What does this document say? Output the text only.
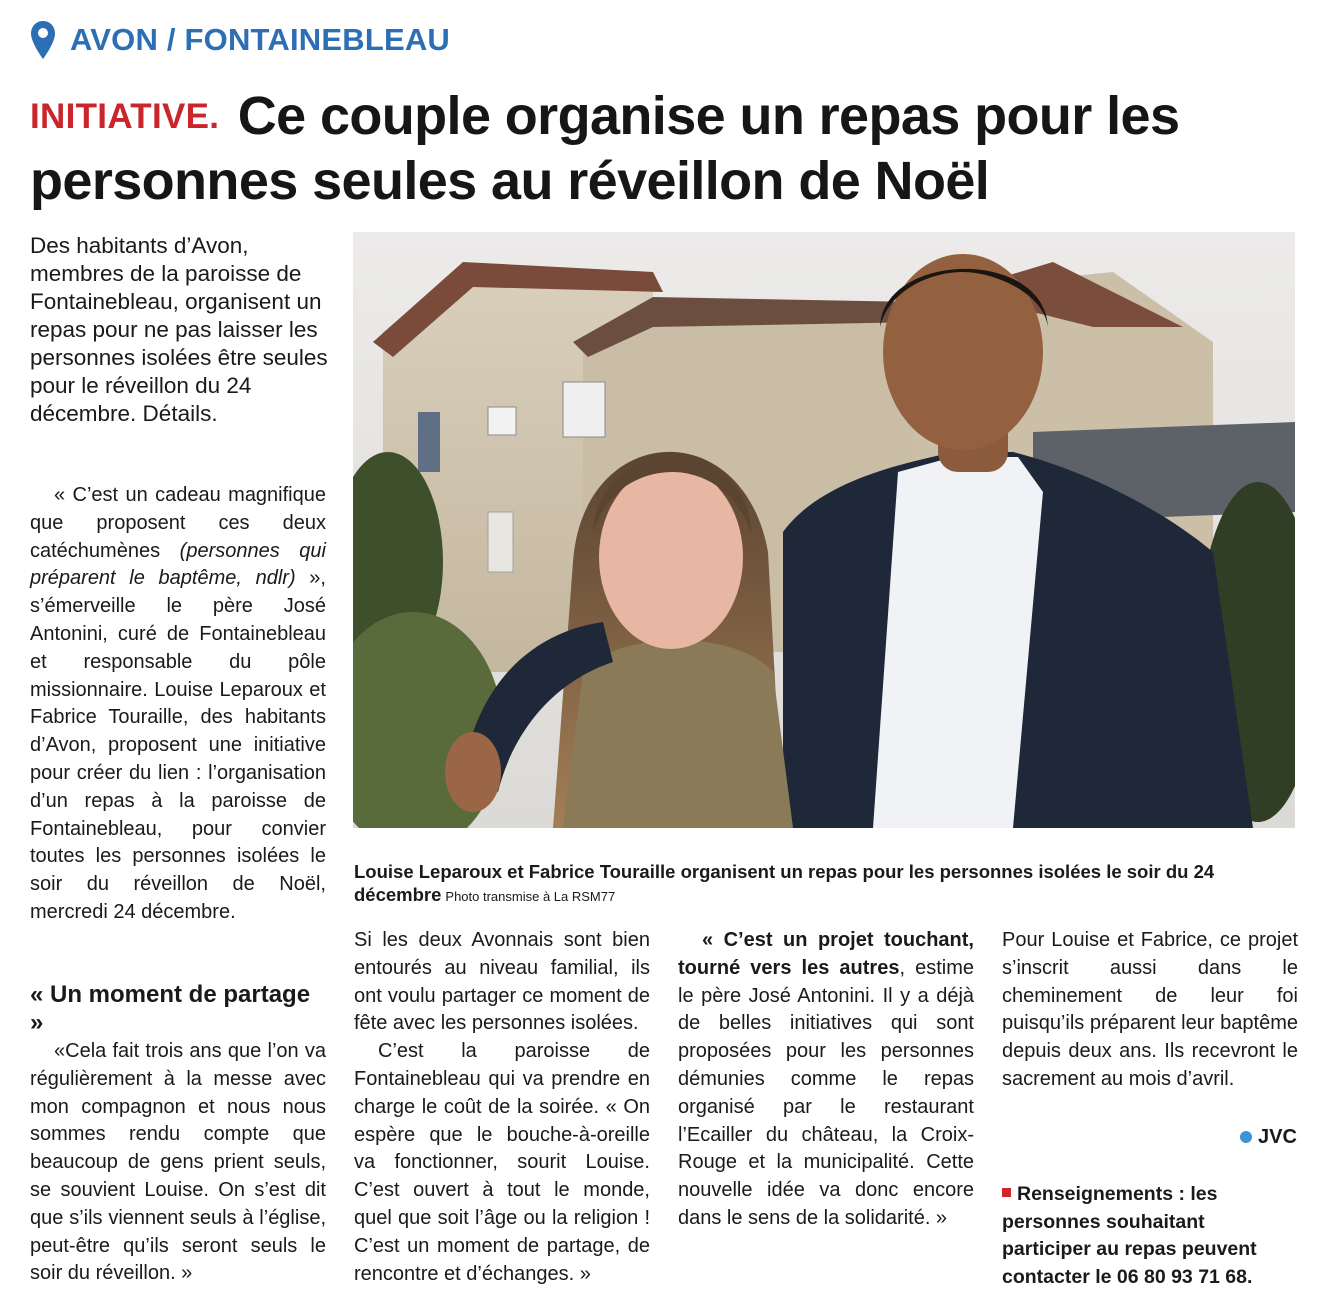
AVON / FONTAINEBLEAU
INITIATIVE. Ce couple organise un repas pour les personnes seules au réveillon de Noël

Des habitants d’Avon, membres de la paroisse de Fontainebleau, organisent un repas pour ne pas laisser les personnes isolées être seules pour le réveillon du 24 décembre. Détails.

« C’est un cadeau magnifique que proposent ces deux catéchumènes (personnes qui préparent le baptême, ndlr) », s’émerveille le père José Antonini, curé de Fontainebleau et responsable du pôle missionnaire. Louise Leparoux et Fabrice Touraille, des habitants d’Avon, proposent une initiative pour créer du lien : l’organisation d’un repas à la paroisse de Fontainebleau, pour convier toutes les personnes isolées le soir du réveillon de Noël, mercredi 24 décembre.

« Un moment de partage »

«Cela fait trois ans que l’on va régulièrement à la messe avec mon compagnon et nous nous sommes rendu compte que beaucoup de gens prient seuls, se souvient Louise. On s’est dit que s’ils viennent seuls à l’église, peut-être qu’ils seront seuls le soir du réveillon. »

Si les deux Avonnais sont bien entourés au niveau familial, ils ont voulu partager ce moment de fête avec les personnes isolées.

C’est la paroisse de Fontainebleau qui va prendre en charge le coût de la soirée. « On espère que le bouche-à-oreille va fonctionner, sourit Louise. C’est ouvert à tout le monde, quel que soit l’âge ou la religion ! C’est un moment de partage, de rencontre et d’échanges. »

« C’est un projet touchant, tourné vers les autres, estime le père José Antonini. Il y a déjà de belles initiatives qui sont proposées pour les personnes démunies comme le repas organisé par le restaurant l’Ecailler du château, la Croix-Rouge et la municipalité. Cette nouvelle idée va donc encore dans le sens de la solidarité. »

Pour Louise et Fabrice, ce projet s’inscrit aussi dans le cheminement de leur foi puisqu’ils préparent leur baptême depuis deux ans. Ils recevront le sacrement au mois d’avril.

JVC

Renseignements : les personnes souhaitant participer au repas peuvent contacter le 06 80 93 71 68.

Louise Leparoux et Fabrice Touraille organisent un repas pour les personnes isolées le soir du 24 décembre Photo transmise à La RSM77
